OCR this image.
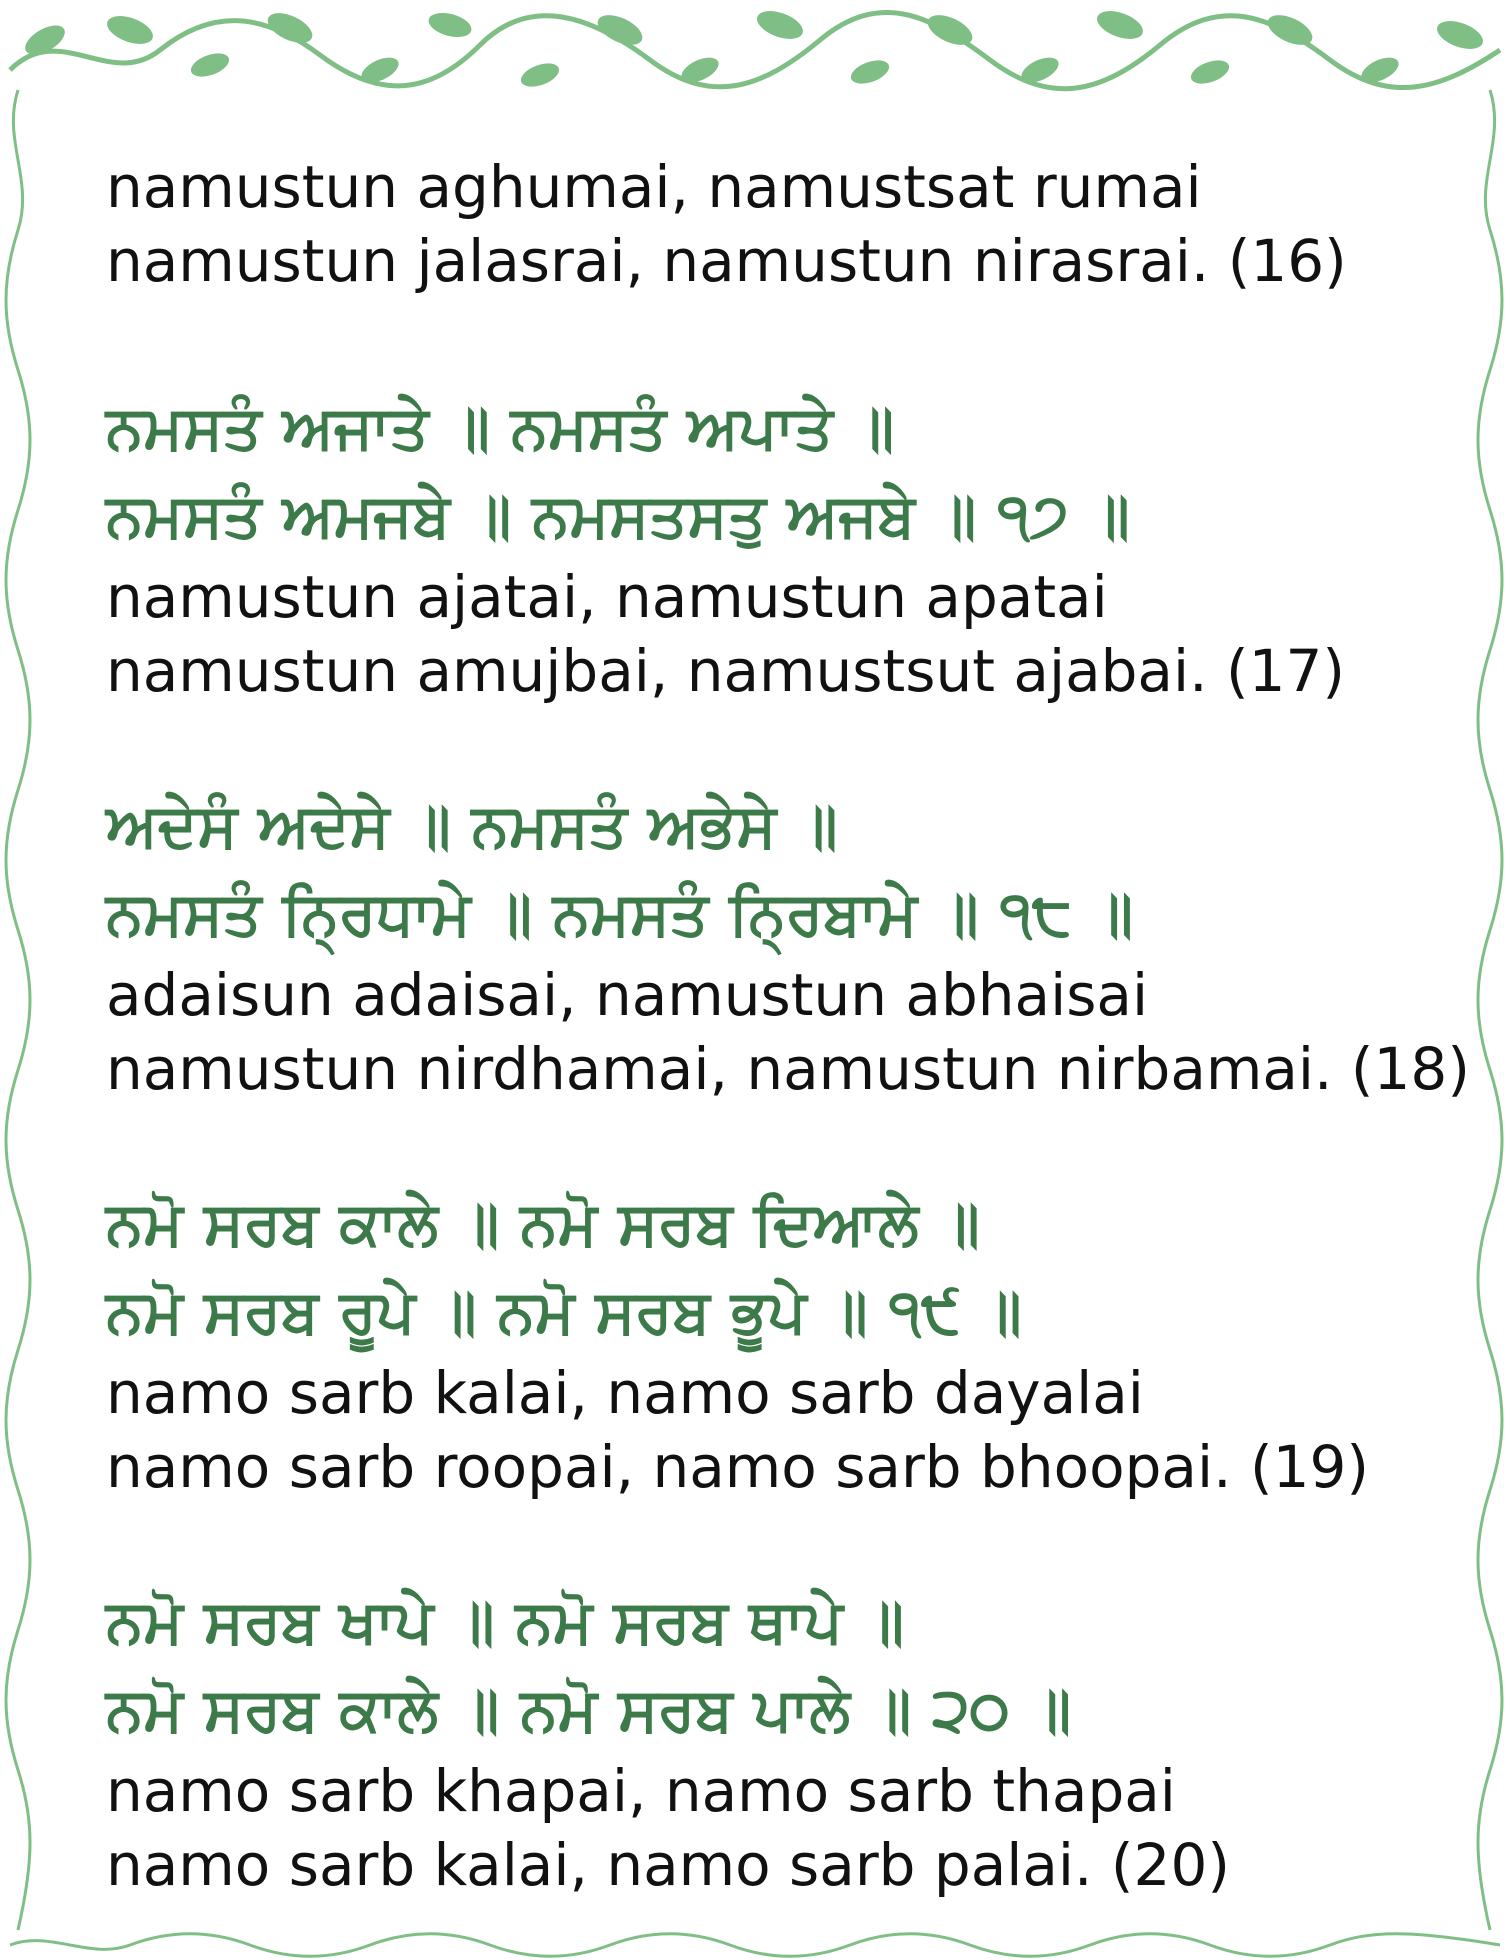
namustun aghumai, namustsat rumai
namustun jalasrai, namustun nirasrai. (16)
ਨਮਸਤੰ ਅਜਾਤੇ ॥ ਨਮਸਤੰ ਅਪਾਤੇ ॥
ਨਮਸਤੰ ਅਮਜਬੇ ॥ ਨਮਸਤਸਤੁ ਅਜਬੇ ॥ ੧੭ ॥
namustun ajatai, namustun apatai
namustun amujbai, namustsut ajabai. (17)
ਅਦੇਸੰ ਅਦੇਸੇ ॥ ਨਮਸਤੰ ਅਭੇਸੇ ॥
ਨਮਸਤੰ ਨ੍ਰਿਧਾਮੇ ॥ ਨਮਸਤੰ ਨ੍ਰਿਬਾਮੇ ॥ ੧੮ ॥
adaisun adaisai, namustun abhaisai
namustun nirdhamai, namustun nirbamai. (18)
ਨਮੋ ਸਰਬ ਕਾਲੇ ॥ ਨਮੋ ਸਰਬ ਦਿਆਲੇ ॥
ਨਮੋ ਸਰਬ ਰੂਪੇ ॥ ਨਮੋ ਸਰਬ ਭੂਪੇ ॥ ੧੯ ॥
namo sarb kalai, namo sarb dayalai
namo sarb roopai, namo sarb bhoopai. (19)
ਨਮੋ ਸਰਬ ਖਾਪੇ ॥ ਨਮੋ ਸਰਬ ਥਾਪੇ ॥
ਨਮੋ ਸਰਬ ਕਾਲੇ ॥ ਨਮੋ ਸਰਬ ਪਾਲੇ ॥ ੨੦ ॥
namo sarb khapai, namo sarb thapai
namo sarb kalai, namo sarb palai. (20)
